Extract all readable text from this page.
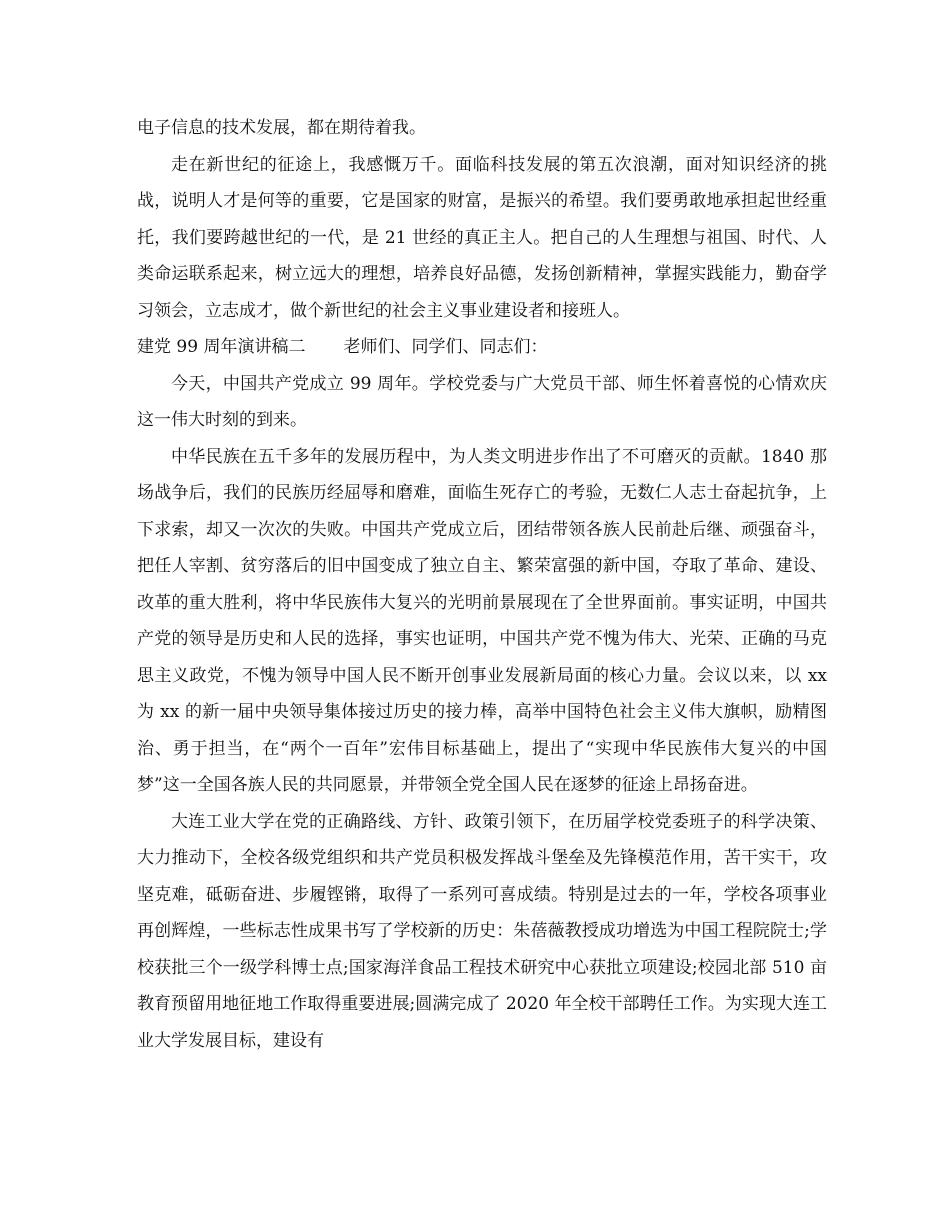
电子信息的技术发展，都在期待着我。

走在新世纪的征途上，我感慨万千。面临科技发展的第五次浪潮，面对知识经济的挑战，说明人才是何等的重要，它是国家的财富，是振兴的希望。我们要勇敢地承担起世经重托，我们要跨越世纪的一代，是 21 世经的真正主人。把自己的人生理想与祖国、时代、人类命运联系起来，树立远大的理想，培养良好品德，发扬创新精神，掌握实践能力，勤奋学习领会，立志成才，做个新世纪的社会主义事业建设者和接班人。

建党 99 周年演讲稿二 老师们、同学们、同志们：

今天，中国共产党成立 99 周年。学校党委与广大党员干部、师生怀着喜悦的心情欢庆这一伟大时刻的到来。

中华民族在五千多年的发展历程中，为人类文明进步作出了不可磨灭的贡献。1840 那场战争后，我们的民族历经屈辱和磨难，面临生死存亡的考验，无数仁人志士奋起抗争，上下求索，却又一次次的失败。中国共产党成立后，团结带领各族人民前赴后继、顽强奋斗，把任人宰割、贫穷落后的旧中国变成了独立自主、繁荣富强的新中国，夺取了革命、建设、改革的重大胜利，将中华民族伟大复兴的光明前景展现在了全世界面前。事实证明，中国共产党的领导是历史和人民的选择，事实也证明，中国共产党不愧为伟大、光荣、正确的马克思主义政党，不愧为领导中国人民不断开创事业发展新局面的核心力量。会议以来，以 xx 为 xx 的新一届中央领导集体接过历史的接力棒，高举中国特色社会主义伟大旗帜，励精图治、勇于担当，在“两个一百年”宏伟目标基础上，提出了“实现中华民族伟大复兴的中国梦”这一全国各族人民的共同愿景，并带领全党全国人民在逐梦的征途上昂扬奋进。

大连工业大学在党的正确路线、方针、政策引领下，在历届学校党委班子的科学决策、大力推动下，全校各级党组织和共产党员积极发挥战斗堡垒及先锋模范作用，苦干实干，攻坚克难，砥砺奋进、步履铿锵，取得了一系列可喜成绩。特别是过去的一年，学校各项事业再创辉煌，一些标志性成果书写了学校新的历史：朱蓓薇教授成功增选为中国工程院院士;学校获批三个一级学科博士点;国家海洋食品工程技术研究中心获批立项建设;校园北部 510 亩教育预留用地征地工作取得重要进展;圆满完成了 2020 年全校干部聘任工作。为实现大连工业大学发展目标，建设有
